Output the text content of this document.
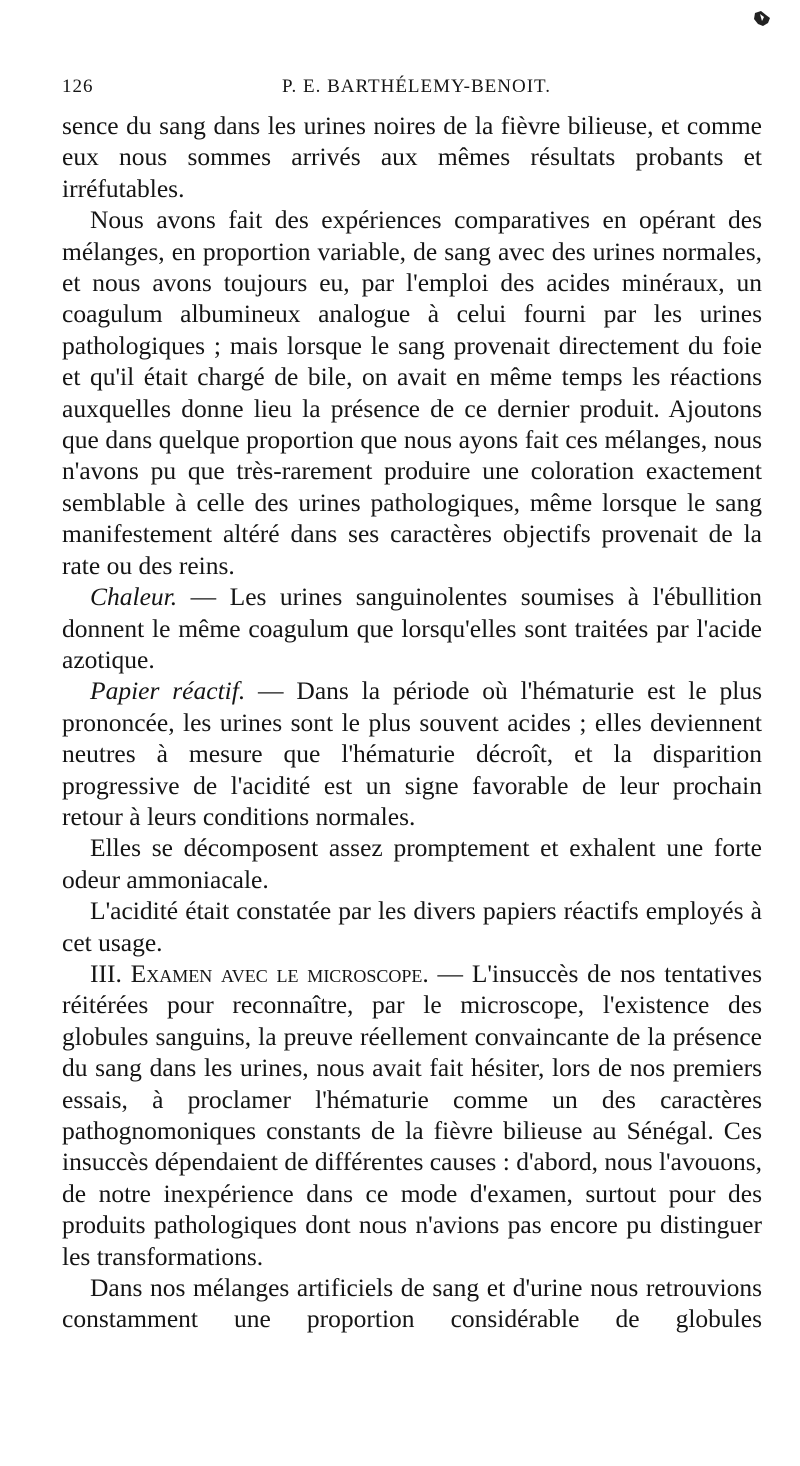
126	P. E. BARTHÉLEMY-BENOIT.

sence du sang dans les urines noires de la fièvre bilieuse, et comme eux nous sommes arrivés aux mêmes résultats probants et irréfutables.

Nous avons fait des expériences comparatives en opérant des mélanges, en proportion variable, de sang avec des urines normales, et nous avons toujours eu, par l'emploi des acides minéraux, un coagulum albumineux analogue à celui fourni par les urines pathologiques ; mais lorsque le sang provenait directement du foie et qu'il était chargé de bile, on avait en même temps les réactions auxquelles donne lieu la présence de ce dernier produit. Ajoutons que dans quelque proportion que nous ayons fait ces mélanges, nous n'avons pu que très-rarement produire une coloration exactement semblable à celle des urines pathologiques, même lorsque le sang manifestement altéré dans ses caractères objectifs provenait de la rate ou des reins.

Chaleur. — Les urines sanguinolentes soumises à l'ébullition donnent le même coagulum que lorsqu'elles sont traitées par l'acide azotique.

Papier réactif. — Dans la période où l'hématurie est le plus prononcée, les urines sont le plus souvent acides ; elles deviennent neutres à mesure que l'hématurie décroît, et la disparition progressive de l'acidité est un signe favorable de leur prochain retour à leurs conditions normales.

Elles se décomposent assez promptement et exhalent une forte odeur ammoniacale.

L'acidité était constatée par les divers papiers réactifs employés à cet usage.

III. Examen avec le microscope. — L'insuccès de nos tentatives réitérées pour reconnaître, par le microscope, l'existence des globules sanguins, la preuve réellement convaincante de la présence du sang dans les urines, nous avait fait hésiter, lors de nos premiers essais, à proclamer l'hématurie comme un des caractères pathognomoniques constants de la fièvre bilieuse au Sénégal. Ces insuccès dépendaient de différentes causes : d'abord, nous l'avouons, de notre inexpérience dans ce mode d'examen, surtout pour des produits pathologiques dont nous n'avions pas encore pu distinguer les transformations.

Dans nos mélanges artificiels de sang et d'urine nous retrouvions constamment une proportion considérable de globules
